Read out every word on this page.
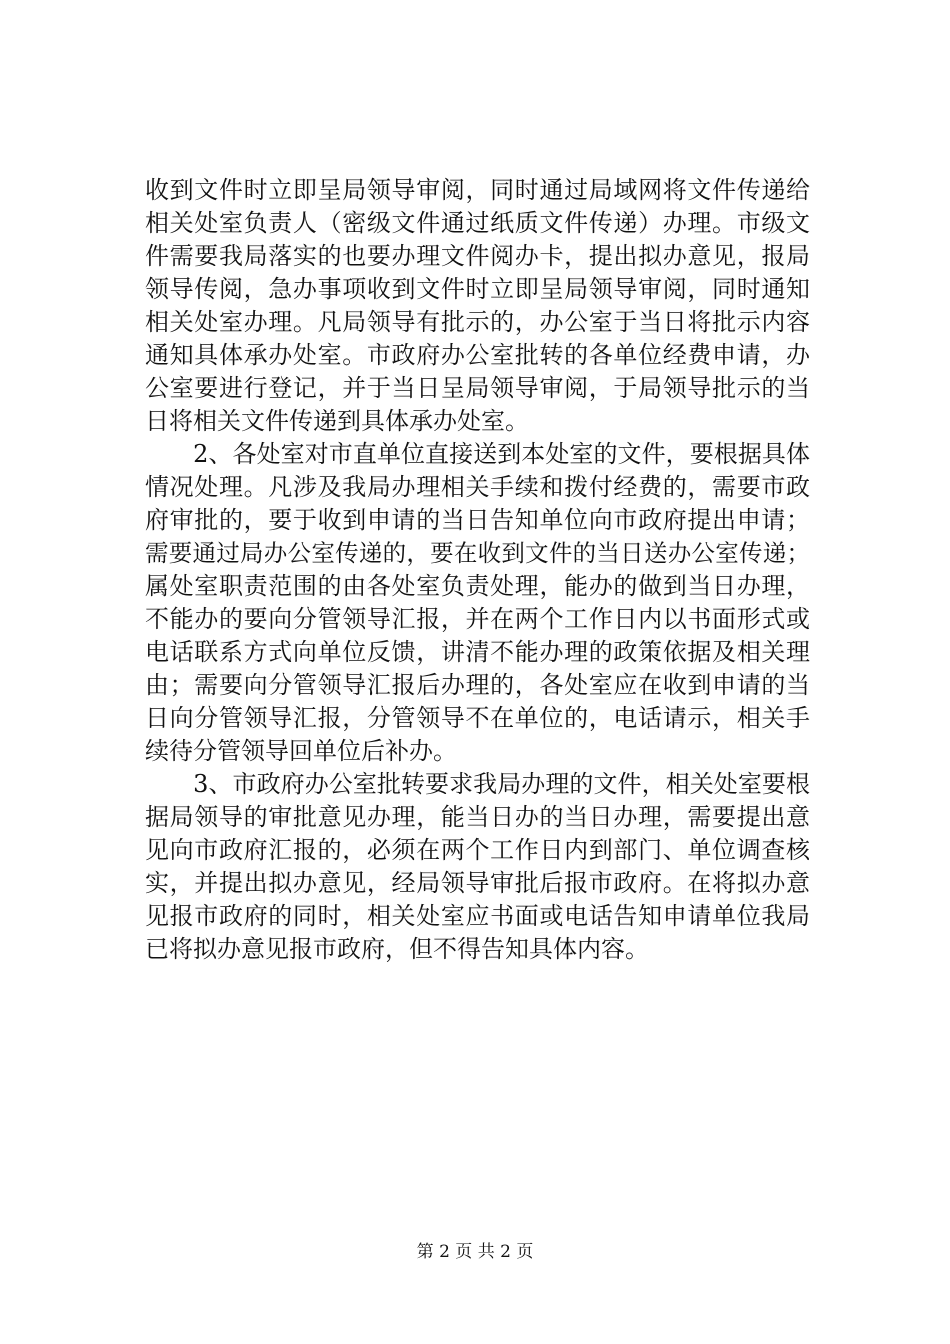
收到文件时立即呈局领导审阅，同时通过局域网将文件传递给
相关处室负责人（密级文件通过纸质文件传递）办理。市级文
件需要我局落实的也要办理文件阅办卡，提出拟办意见，报局
领导传阅，急办事项收到文件时立即呈局领导审阅，同时通知
相关处室办理。凡局领导有批示的，办公室于当日将批示内容
通知具体承办处室。市政府办公室批转的各单位经费申请，办
公室要进行登记，并于当日呈局领导审阅，于局领导批示的当
日将相关文件传递到具体承办处室。
　　2、各处室对市直单位直接送到本处室的文件，要根据具体
情况处理。凡涉及我局办理相关手续和拨付经费的，需要市政
府审批的，要于收到申请的当日告知单位向市政府提出申请；
需要通过局办公室传递的，要在收到文件的当日送办公室传递；
属处室职责范围的由各处室负责处理，能办的做到当日办理，
不能办的要向分管领导汇报，并在两个工作日内以书面形式或
电话联系方式向单位反馈，讲清不能办理的政策依据及相关理
由；需要向分管领导汇报后办理的，各处室应在收到申请的当
日向分管领导汇报，分管领导不在单位的，电话请示，相关手
续待分管领导回单位后补办。
　　3、市政府办公室批转要求我局办理的文件，相关处室要根
据局领导的审批意见办理，能当日办的当日办理，需要提出意
见向市政府汇报的，必须在两个工作日内到部门、单位调查核
实，并提出拟办意见，经局领导审批后报市政府。在将拟办意
见报市政府的同时，相关处室应书面或电话告知申请单位我局
已将拟办意见报市政府，但不得告知具体内容。
第 2 页 共 2 页
